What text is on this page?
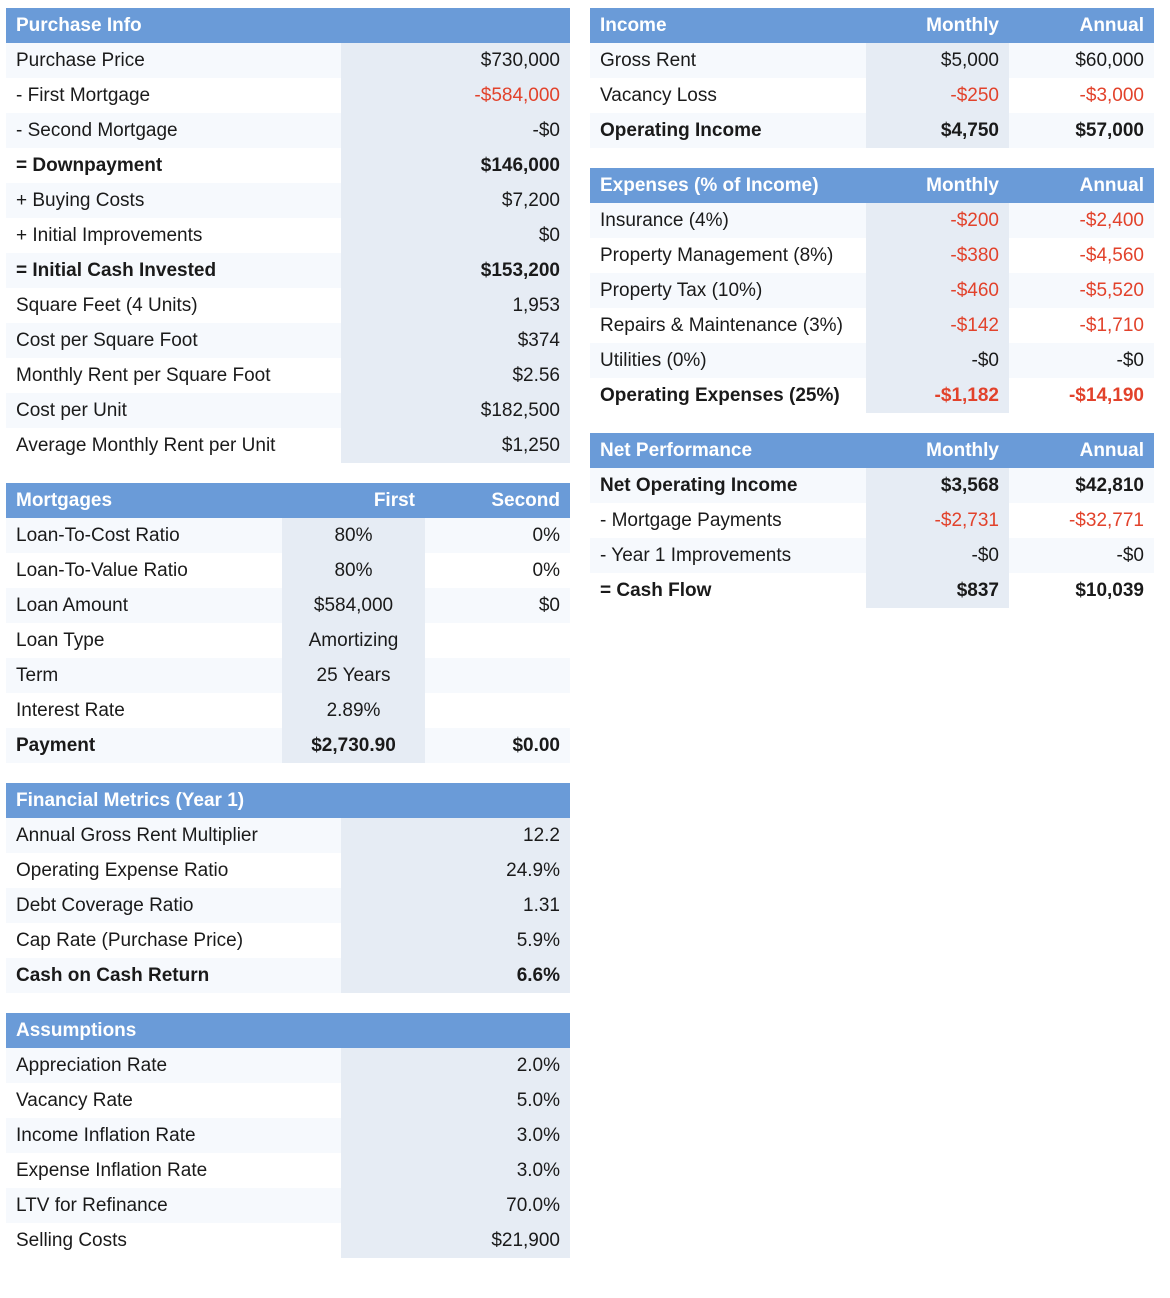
Purchase Info
Purchase Price	$730,000
- First Mortgage	-$584,000
- Second Mortgage	-$0
= Downpayment	$146,000
+ Buying Costs	$7,200
+ Initial Improvements	$0
= Initial Cash Invested	$153,200
Square Feet (4 Units)	1,953
Cost per Square Foot	$374
Monthly Rent per Square Foot	$2.56
Cost per Unit	$182,500
Average Monthly Rent per Unit	$1,250
Mortgages	First	Second
Loan-To-Cost Ratio	80%	0%
Loan-To-Value Ratio	80%	0%
Loan Amount	$584,000	$0
Loan Type	Amortizing
Term	25 Years
Interest Rate	2.89%
Payment	$2,730.90	$0.00
Financial Metrics (Year 1)
Annual Gross Rent Multiplier	12.2
Operating Expense Ratio	24.9%
Debt Coverage Ratio	1.31
Cap Rate (Purchase Price)	5.9%
Cash on Cash Return	6.6%
Assumptions
Appreciation Rate	2.0%
Vacancy Rate	5.0%
Income Inflation Rate	3.0%
Expense Inflation Rate	3.0%
LTV for Refinance	70.0%
Selling Costs	$21,900
Income	Monthly	Annual
Gross Rent	$5,000	$60,000
Vacancy Loss	-$250	-$3,000
Operating Income	$4,750	$57,000
Expenses (% of Income)	Monthly	Annual
Insurance (4%)	-$200	-$2,400
Property Management (8%)	-$380	-$4,560
Property Tax (10%)	-$460	-$5,520
Repairs & Maintenance (3%)	-$142	-$1,710
Utilities (0%)	-$0	-$0
Operating Expenses (25%)	-$1,182	-$14,190
Net Performance	Monthly	Annual
Net Operating Income	$3,568	$42,810
- Mortgage Payments	-$2,731	-$32,771
- Year 1 Improvements	-$0	-$0
= Cash Flow	$837	$10,039
